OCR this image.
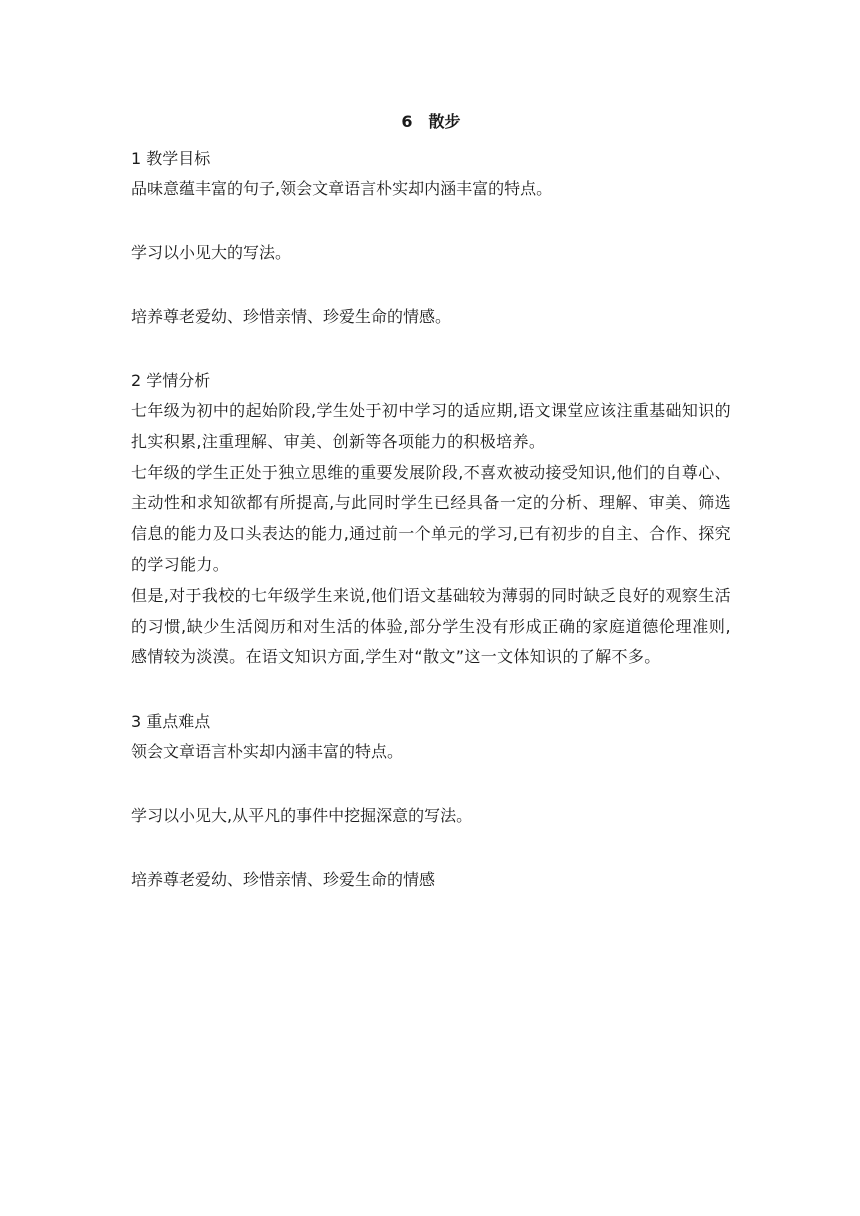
6　散步

1 教学目标

品味意蕴丰富的句子,领会文章语言朴实却内涵丰富的特点。

学习以小见大的写法。

培养尊老爱幼、珍惜亲情、珍爱生命的情感。

2 学情分析

七年级为初中的起始阶段,学生处于初中学习的适应期,语文课堂应该注重基础知识的扎实积累,注重理解、审美、创新等各项能力的积极培养。

七年级的学生正处于独立思维的重要发展阶段,不喜欢被动接受知识,他们的自尊心、主动性和求知欲都有所提高,与此同时学生已经具备一定的分析、理解、审美、筛选信息的能力及口头表达的能力,通过前一个单元的学习,已有初步的自主、合作、探究的学习能力。

但是,对于我校的七年级学生来说,他们语文基础较为薄弱的同时缺乏良好的观察生活的习惯,缺少生活阅历和对生活的体验,部分学生没有形成正确的家庭道德伦理准则,感情较为淡漠。在语文知识方面,学生对“散文”这一文体知识的了解不多。

3 重点难点

领会文章语言朴实却内涵丰富的特点。

学习以小见大,从平凡的事件中挖掘深意的写法。

培养尊老爱幼、珍惜亲情、珍爱生命的情感
